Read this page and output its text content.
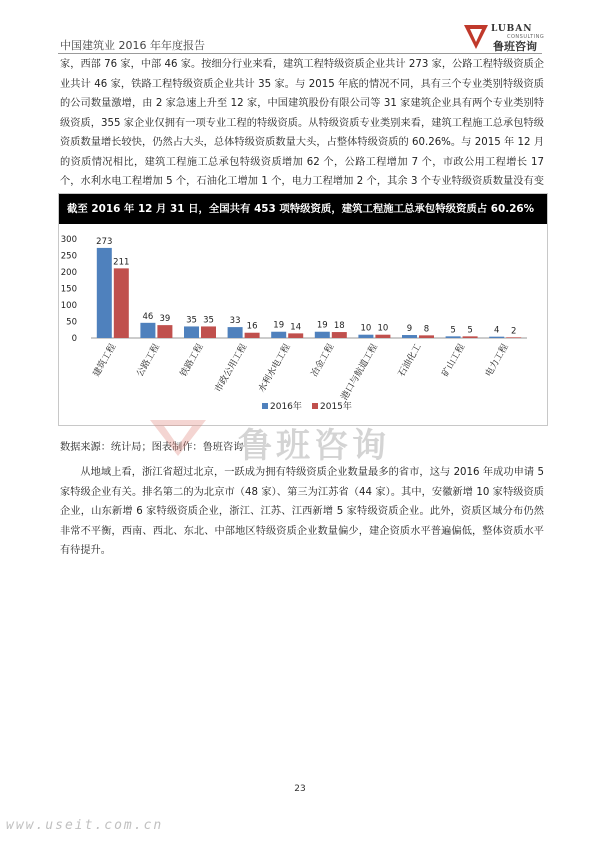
中国建筑业 2016 年年度报告
LUBAN
CONSULTING
鲁班咨询

家，西部 76 家，中部 46 家。按细分行业来看，建筑工程特级资质企业共计 273 家，公路工程特级资质企业共计 46 家，铁路工程特级资质企业共计 35 家。与 2015 年底的情况不同，具有三个专业类别特级资质的公司数量激增，由 2 家急速上升至 12 家，中国建筑股份有限公司等 31 家建筑企业具有两个专业类别特级资质，355 家企业仅拥有一项专业工程的特级资质。从特级资质专业类别来看，建筑工程施工总承包特级资质数量增长较快，仍然占大头，总体特级资质数量大头，占整体特级资质的 60.26%。与 2015 年 12 月的资质情况相比，建筑工程施工总承包特级资质增加 62 个，公路工程增加 7 个，市政公用工程增长 17 个，水利水电工程增加 5 个，石油化工增加 1 个，电力工程增加 2 个，其余 3 个专业特级资质数量没有变

截至 2016 年 12 月 31 日，全国共有 453 项特级资质，建筑工程施工总承包特级资质占 60.26%
0
50
100
150
200
250
300 273
211
建筑工程
46 39
公路工程
35 35
铁路工程
33
16
市政公用工程
19 14
水利水电工程
19 18
冶金工程
10 10
港口与航道工程
9 8
石油化工
5 5
矿山工程
4 2
电力工程
2016年 2015年
数据来源：统计局；图表制作：鲁班咨询
鲁班咨询

从地域上看，浙江省超过北京，一跃成为拥有特级资质企业数量最多的省市，这与 2016 年成功申请 5 家特级企业有关。排名第二的为北京市（48 家）、第三为江苏省（44 家）。其中，安徽新增 10 家特级资质企业，山东新增 6 家特级资质企业，浙江、江苏、江西新增 5 家特级资质企业。此外，资质区域分布仍然非常不平衡，西南、西北、东北、中部地区特级资质企业数量偏少，建企资质水平普遍偏低，整体资质水平有待提升。

23
www.useit.com.cn
